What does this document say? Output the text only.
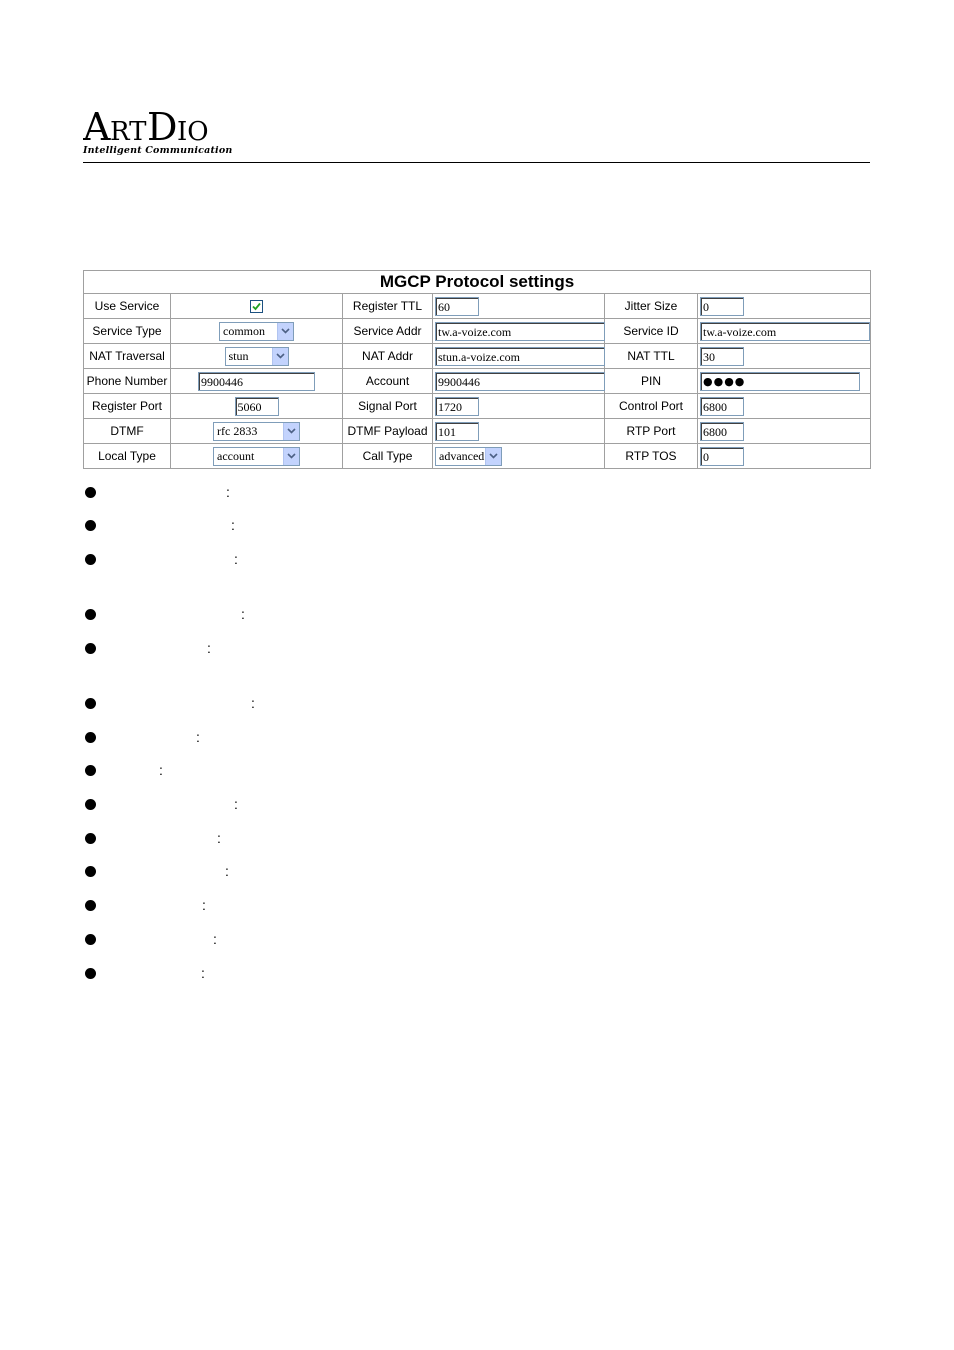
A RT D IO
Intelligent Communication
MGCP Protocol settings					
Use Service		Register TTL	60	Jitter Size	0
Service Type	common	Service Addr	tw.a-voize.com	Service ID	tw.a-voize.com
NAT Traversal	stun	NAT Addr	stun.a-voize.com	NAT TTL	30
Phone Number	9900446	Account	9900446	PIN	●●●●
Register Port	5060	Signal Port	1720	Control Port	6800
DTMF	rfc 2833	DTMF Payload	101	RTP Port	6800
Local Type	account	Call Type	advanced	RTP TOS	0
:
:
:
:
:
:
:
:
:
:
:
:
:
:
